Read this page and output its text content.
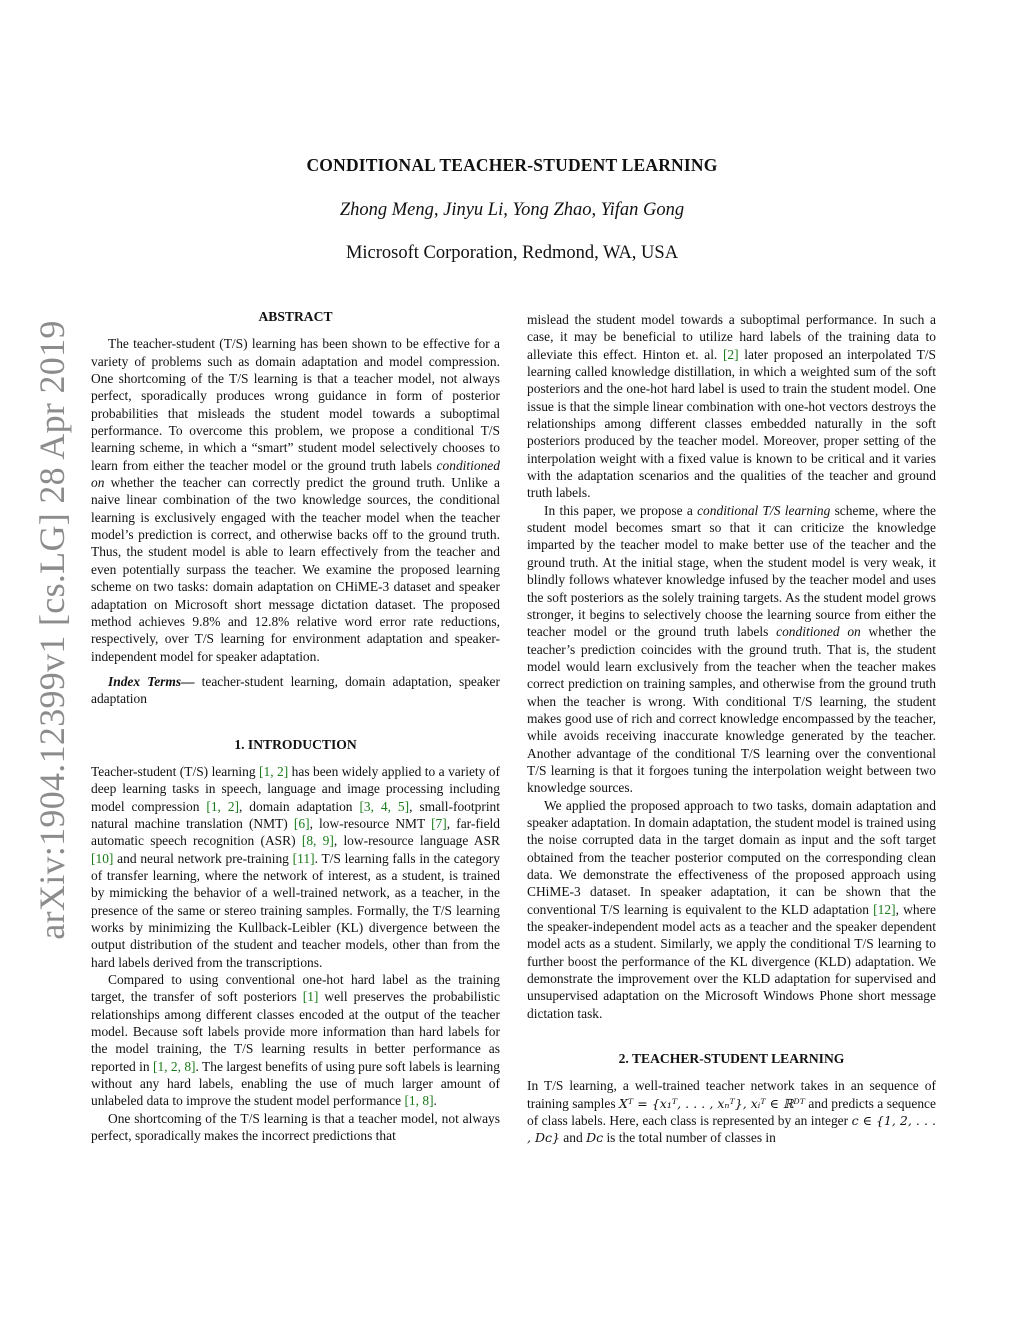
arXiv:1904.12399v1 [cs.LG] 28 Apr 2019
CONDITIONAL TEACHER-STUDENT LEARNING
Zhong Meng, Jinyu Li, Yong Zhao, Yifan Gong
Microsoft Corporation, Redmond, WA, USA
ABSTRACT

The teacher-student (T/S) learning has been shown to be effective for a variety of problems such as domain adaptation and model compression. One shortcoming of the T/S learning is that a teacher model, not always perfect, sporadically produces wrong guidance in form of posterior probabilities that misleads the student model towards a suboptimal performance. To overcome this problem, we propose a conditional T/S learning scheme, in which a “smart” student model selectively chooses to learn from either the teacher model or the ground truth labels conditioned on whether the teacher can correctly predict the ground truth. Unlike a naive linear combination of the two knowledge sources, the conditional learning is exclusively engaged with the teacher model when the teacher model’s prediction is correct, and otherwise backs off to the ground truth. Thus, the student model is able to learn effectively from the teacher and even potentially surpass the teacher. We examine the proposed learning scheme on two tasks: domain adaptation on CHiME-3 dataset and speaker adaptation on Microsoft short message dictation dataset. The proposed method achieves 9.8% and 12.8% relative word error rate reductions, respectively, over T/S learning for environment adaptation and speaker-independent model for speaker adaptation.

Index Terms— teacher-student learning, domain adaptation, speaker adaptation

1. INTRODUCTION

Teacher-student (T/S) learning [1, 2] has been widely applied to a variety of deep learning tasks in speech, language and image processing including model compression [1, 2], domain adaptation [3, 4, 5], small-footprint natural machine translation (NMT) [6], low-resource NMT [7], far-field automatic speech recognition (ASR) [8, 9], low-resource language ASR [10] and neural network pre-training [11]. T/S learning falls in the category of transfer learning, where the network of interest, as a student, is trained by mimicking the behavior of a well-trained network, as a teacher, in the presence of the same or stereo training samples. Formally, the T/S learning works by minimizing the Kullback-Leibler (KL) divergence between the output distribution of the student and teacher models, other than from the hard labels derived from the transcriptions.

Compared to using conventional one-hot hard label as the training target, the transfer of soft posteriors [1] well preserves the probabilistic relationships among different classes encoded at the output of the teacher model. Because soft labels provide more information than hard labels for the model training, the T/S learning results in better performance as reported in [1, 2, 8]. The largest benefits of using pure soft labels is learning without any hard labels, enabling the use of much larger amount of unlabeled data to improve the student model performance [1, 8].

One shortcoming of the T/S learning is that a teacher model, not always perfect, sporadically makes the incorrect predictions that

mislead the student model towards a suboptimal performance. In such a case, it may be beneficial to utilize hard labels of the training data to alleviate this effect. Hinton et. al. [2] later proposed an interpolated T/S learning called knowledge distillation, in which a weighted sum of the soft posteriors and the one-hot hard label is used to train the student model. One issue is that the simple linear combination with one-hot vectors destroys the relationships among different classes embedded naturally in the soft posteriors produced by the teacher model. Moreover, proper setting of the interpolation weight with a fixed value is known to be critical and it varies with the adaptation scenarios and the qualities of the teacher and ground truth labels.

In this paper, we propose a conditional T/S learning scheme, where the student model becomes smart so that it can criticize the knowledge imparted by the teacher model to make better use of the teacher and the ground truth. At the initial stage, when the student model is very weak, it blindly follows whatever knowledge infused by the teacher model and uses the soft posteriors as the solely training targets. As the student model grows stronger, it begins to selectively choose the learning source from either the teacher model or the ground truth labels conditioned on whether the teacher’s prediction coincides with the ground truth. That is, the student model would learn exclusively from the teacher when the teacher makes correct prediction on training samples, and otherwise from the ground truth when the teacher is wrong. With conditional T/S learning, the student makes good use of rich and correct knowledge encompassed by the teacher, while avoids receiving inaccurate knowledge generated by the teacher. Another advantage of the conditional T/S learning over the conventional T/S learning is that it forgoes tuning the interpolation weight between two knowledge sources.

We applied the proposed approach to two tasks, domain adaptation and speaker adaptation. In domain adaptation, the student model is trained using the noise corrupted data in the target domain as input and the soft target obtained from the teacher posterior computed on the corresponding clean data. We demonstrate the effectiveness of the proposed approach using CHiME-3 dataset. In speaker adaptation, it can be shown that the conventional T/S learning is equivalent to the KLD adaptation [12], where the speaker-independent model acts as a teacher and the speaker dependent model acts as a student. Similarly, we apply the conditional T/S learning to further boost the performance of the KL divergence (KLD) adaptation. We demonstrate the improvement over the KLD adaptation for supervised and unsupervised adaptation on the Microsoft Windows Phone short message dictation task.

2. TEACHER-STUDENT LEARNING

In T/S learning, a well-trained teacher network takes in an sequence of training samples Xᵀ = {x₁ᵀ, . . . , xₙᵀ}, xᵢᵀ ∈ ℝᴰᵀ and predicts a sequence of class labels. Here, each class is represented by an integer c ∈ {1, 2, . . . , Dᴄ} and Dᴄ is the total number of classes in
